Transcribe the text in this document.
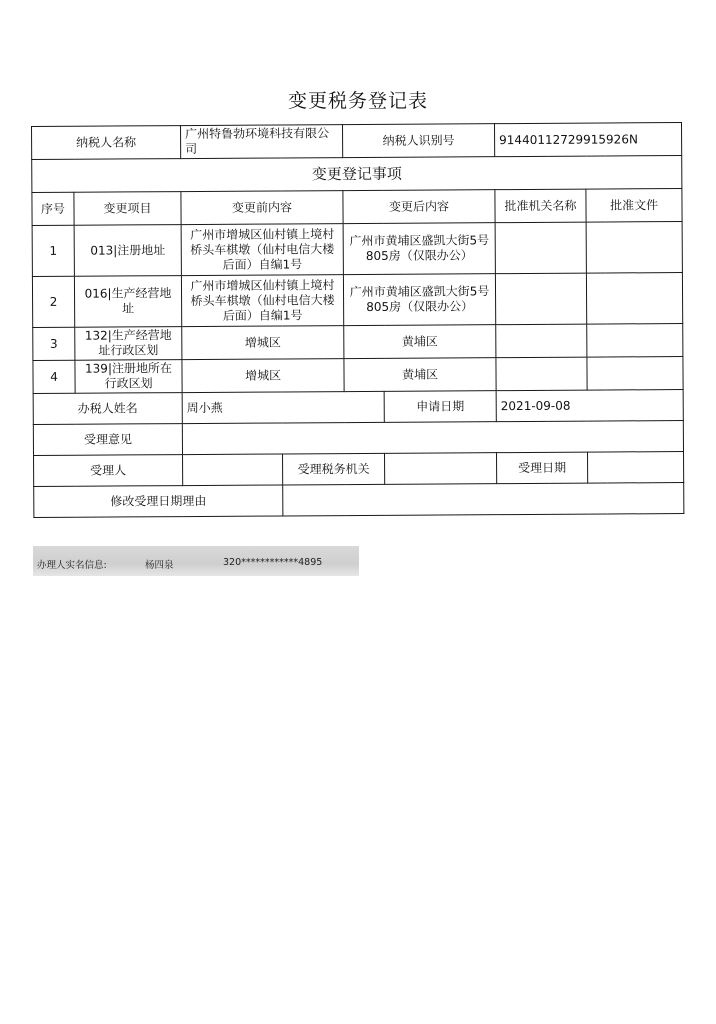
变更税务登记表
纳税人名称		广州特鲁勃环境科技有限公司		纳税人识别号		91440112729915926N	
变更登记事项							
序号	变更项目	变更前内容		变更后内容		批准机关名称	批准文件
1	013|注册地址	广州市增城区仙村镇上境村桥头车棋墩（仙村电信大楼后面）自编1号		广州市黄埔区盛凯大街5号805房（仅限办公）			
2	016|生产经营地址	广州市增城区仙村镇上境村桥头车棋墩（仙村电信大楼后面）自编1号		广州市黄埔区盛凯大街5号805房（仅限办公）			
3	132|生产经营地址行政区划	增城区		黄埔区			
4	139|注册地所在行政区划	增城区		黄埔区			
办税人姓名		周小燕			申请日期	2021-09-08	
受理意见							
受理人			受理税务机关			受理日期	
修改受理日期理由							
办理人实名信息:	杨四泉	320************4895
